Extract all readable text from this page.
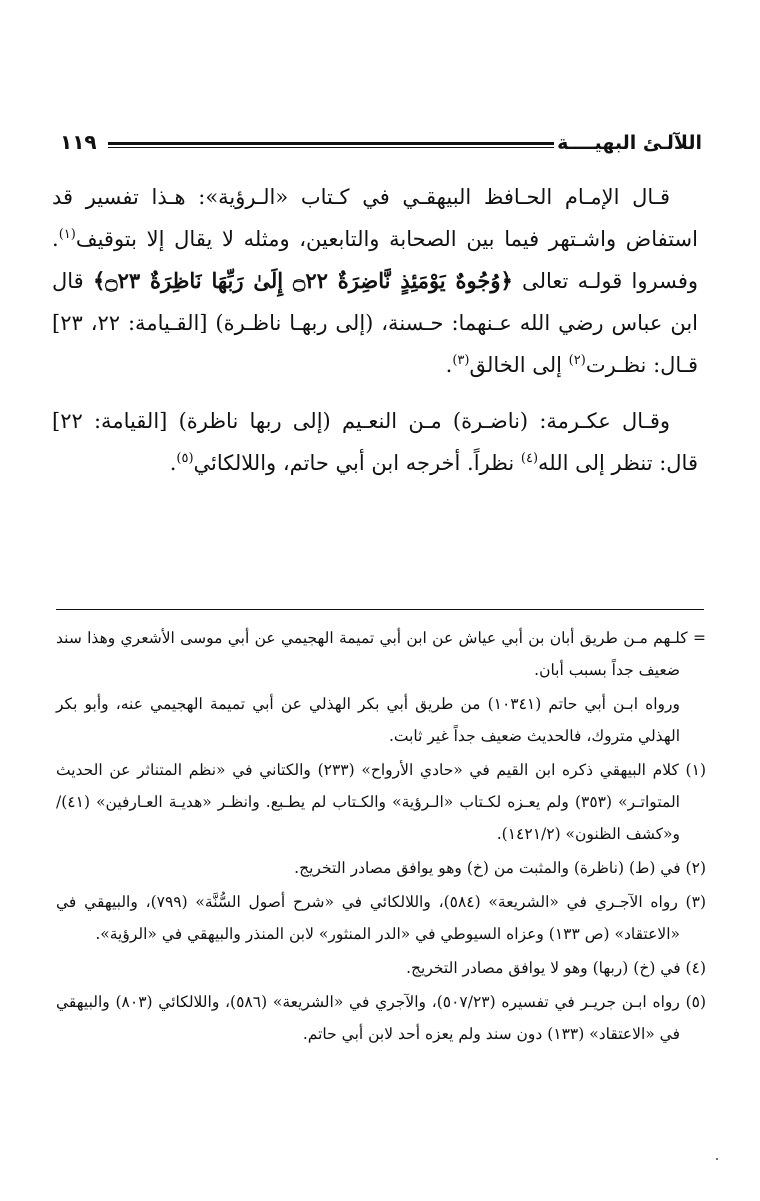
اللآلـئ البهيــــة
١١٩

قـال الإمـام الحـافظ البيهقـي في كـتاب «الـرؤية»: هـذا تفسير قد استفاض واشـتهر فيما بين الصحابة والتابعين، ومثله لا يقال إلا بتوقيف$^{(١)}$. وفسروا قولـه تعالى ﴿وُجُوهٌ يَوْمَئِذٍ نَّاضِرَةٌ ۝٢٢ إِلَىٰ رَبِّهَا نَاظِرَةٌ ۝٢٣﴾ قال ابن عباس رضي الله عـنهما: حـسنة، (إلى ربهـا ناظـرة) [القـيامة: ٢٢، ٢٣] قـال: نظـرت$^{(٢)}$ إلى الخالق$^{(٣)}$.

وقـال عكـرمة: (ناضـرة) مـن النعـيم (إلى ربها ناظرة) [القيامة: ٢٢] قال: تنظر إلى الله$^{(٤)}$ نظراً. أخرجه ابن أبي حاتم، واللالكائي$^{(٥)}$.

= كلـهم مـن طريق أبان بن أبي عياش عن ابن أبي تميمة الهجيمي عن أبي موسى الأشعري وهذا سند ضعيف جداً بسبب أبان.

ورواه ابـن أبي حاتم (١٠٣٤١) من طريق أبي بكر الهذلي عن أبي تميمة الهجيمي عنه، وأبو بكر الهذلي متروك، فالحديث ضعيف جداً غير ثابت.

(١) كلام البيهقي ذكره ابن القيم في «حادي الأرواح» (٢٣٣) والكتاني في «نظم المتناثر عن الحديث المتواتـر» (٣٥٣) ولم يعـزه لكـتاب «الـرؤية» والكـتاب لم يطـبع. وانظـر «هديـة العـارفين» (٤١)/ و«كشف الظنون» (١٤٢١/٢).

(٢) في (ط) (ناظرة) والمثبت من (خ) وهو يوافق مصادر التخريج.

(٣) رواه الآجـري في «الشريعة» (٥٨٤)، واللالكائي في «شرح أصول السُّنَّة» (٧٩٩)، والبيهقي في «الاعتقاد» (ص ١٣٣) وعزاه السيوطي في «الدر المنثور» لابن المنذر والبيهقي في «الرؤية».

(٤) في (خ) (ربها) وهو لا يوافق مصادر التخريج.

(٥) رواه ابـن جريـر في تفسيره (٥٠٧/٢٣)، والآجري في «الشريعة» (٥٨٦)، واللالكائي (٨٠٣) والبيهقي في «الاعتقاد» (١٣٣) دون سند ولم يعزه أحد لابن أبي حاتم.
